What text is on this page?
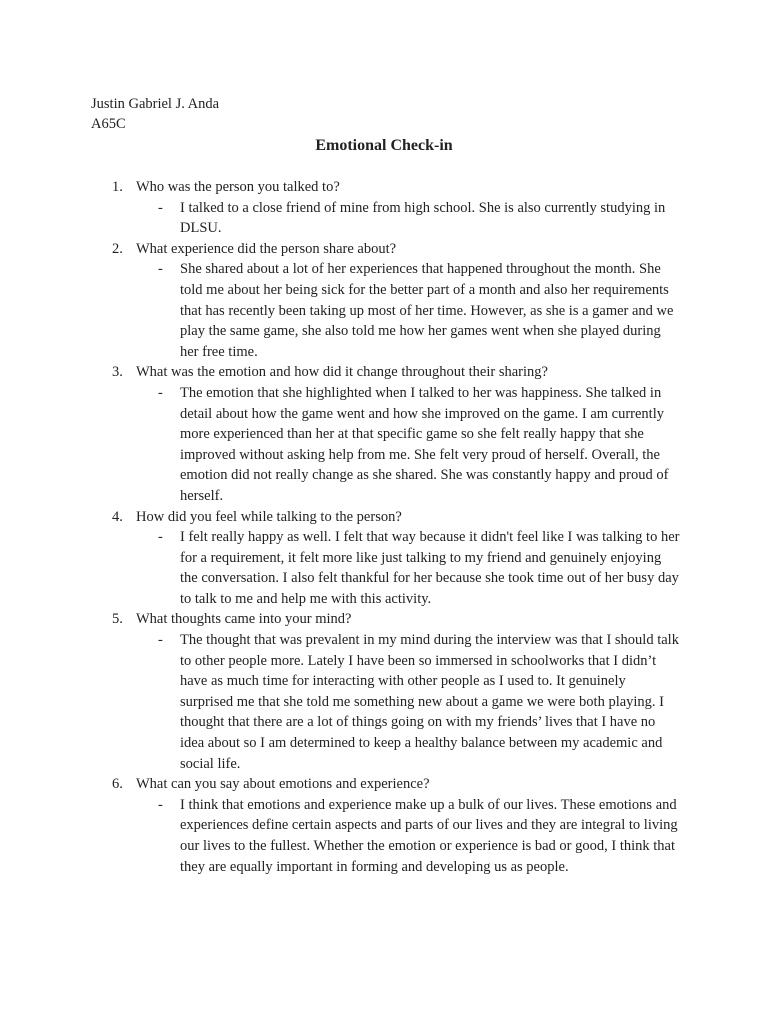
Justin Gabriel J. Anda
A65C
Emotional Check-in
1. Who was the person you talked to?
- I talked to a close friend of mine from high school. She is also currently studying in DLSU.
2. What experience did the person share about?
- She shared about a lot of her experiences that happened throughout the month. She told me about her being sick for the better part of a month and also her requirements that has recently been taking up most of her time. However, as she is a gamer and we play the same game, she also told me how her games went when she played during her free time.
3. What was the emotion and how did it change throughout their sharing?
- The emotion that she highlighted when I talked to her was happiness. She talked in detail about how the game went and how she improved on the game. I am currently more experienced than her at that specific game so she felt really happy that she improved without asking help from me. She felt very proud of herself. Overall, the emotion did not really change as she shared. She was constantly happy and proud of herself.
4. How did you feel while talking to the person?
- I felt really happy as well. I felt that way because it didn't feel like I was talking to her for a requirement, it felt more like just talking to my friend and genuinely enjoying the conversation. I also felt thankful for her because she took time out of her busy day to talk to me and help me with this activity.
5. What thoughts came into your mind?
- The thought that was prevalent in my mind during the interview was that I should talk to other people more. Lately I have been so immersed in schoolworks that I didn’t have as much time for interacting with other people as I used to. It genuinely surprised me that she told me something new about a game we were both playing. I thought that there are a lot of things going on with my friends’ lives that I have no idea about so I am determined to keep a healthy balance between my academic and social life.
6. What can you say about emotions and experience?
- I think that emotions and experience make up a bulk of our lives. These emotions and experiences define certain aspects and parts of our lives and they are integral to living our lives to the fullest. Whether the emotion or experience is bad or good, I think that they are equally important in forming and developing us as people.
